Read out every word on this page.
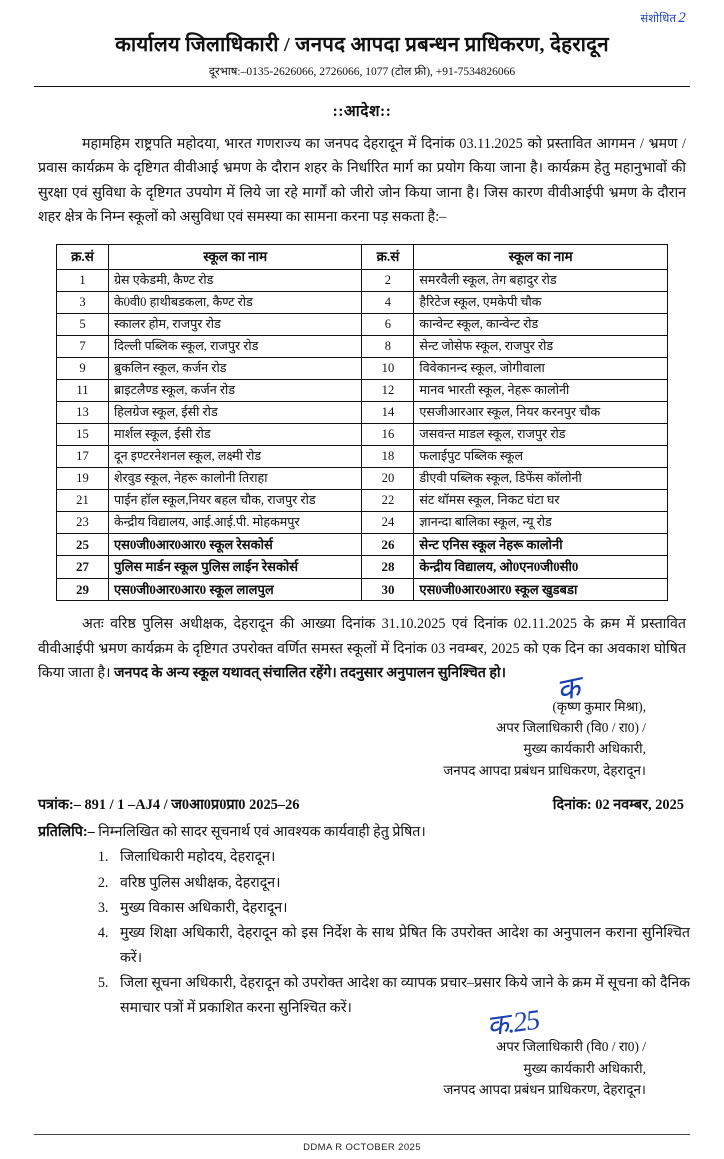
संशोधित 2
कार्यालय जिलाधिकारी / जनपद आपदा प्रबन्धन प्राधिकरण, देहरादून
दूरभाष:–0135-2626066, 2726066, 1077 (टोल फ्री), +91-7534826066
::आदेश::

महामहिम राष्ट्रपति महोदया, भारत गणराज्य का जनपद देहरादून में दिनांक 03.11.2025 को प्रस्तावित आगमन / भ्रमण / प्रवास कार्यक्रम के दृष्टिगत वीवीआई भ्रमण के दौरान शहर के निर्धारित मार्ग का प्रयोग किया जाना है। कार्यक्रम हेतु महानुभावों की सुरक्षा एवं सुविधा के दृष्टिगत उपयोग में लिये जा रहे मार्गों को जीरो जोन किया जाना है। जिस कारण वीवीआईपी भ्रमण के दौरान शहर क्षेत्र के निम्न स्कूलों को असुविधा एवं समस्या का सामना करना पड़ सकता है:–

क्र.सं	स्कूल का नाम	क्र.सं	स्कूल का नाम
1	ग्रेस एकेडमी, कैण्ट रोड	2	समरवैली स्कूल, तेग बहादुर रोड
3	के0वी0 हाथीबडकला, कैण्ट रोड	4	हैरिटेज स्कूल, एमकेपी चौक
5	स्कालर होम, राजपुर रोड	6	कान्वेन्ट स्कूल, कान्वेन्ट रोड
7	दिल्ली पब्लिक स्कूल, राजपुर रोड	8	सेन्ट जोसेफ स्कूल, राजपुर रोड
9	ब्रुकलिन स्कूल, कर्जन रोड	10	विवेकानन्द स्कूल, जोगीवाला
11	ब्राइटलैण्ड स्कूल, कर्जन रोड	12	मानव भारती स्कूल, नेहरू कालोनी
13	हिलग्रेज स्कूल, ईसी रोड	14	एसजीआरआर स्कूल, नियर करनपुर चौक
15	मार्शल स्कूल, ईसी रोड	16	जसवन्त माडल स्कूल, राजपुर रोड
17	दून इण्टरनेशनल स्कूल, लक्ष्मी रोड	18	फलाईपुट पब्लिक स्कूल
19	शेरवुड स्कूल, नेहरू कालोनी तिराहा	20	डीएवी पब्लिक स्कूल, डिफेंस कॉलोनी
21	पाईन हॉल स्कूल,नियर बहल चौक, राजपुर रोड	22	संट थॉमस स्कूल, निकट घंटा घर
23	केन्द्रीय विद्यालय, आई.आई.पी. मोहकमपुर	24	ज्ञानन्दा बालिका स्कूल, न्यू रोड
25	एस0जी0आर0आर0 स्कूल रेसकोर्स	26	सेन्ट एनिस स्कूल नेहरू कालोनी
27	पुलिस मार्डन स्कूल पुलिस लाईन रेसकोर्स	28	केन्द्रीय विद्यालय, ओ0एन0जी0सी0
29	एस0जी0आर0आर0 स्कूल लालपुल	30	एस0जी0आर0आर0 स्कूल खुडबडा

अतः वरिष्ठ पुलिस अधीक्षक, देहरादून की आख्या दिनांक 31.10.2025 एवं दिनांक 02.11.2025 के क्रम में प्रस्तावित वीवीआईपी भ्रमण कार्यक्रम के दृष्टिगत उपरोक्त वर्णित समस्त स्कूलों में दिनांक 03 नवम्बर, 2025 को एक दिन का अवकाश घोषित किया जाता है। जनपद के अन्य स्कूल यथावत् संचालित रहेंगे। तदनुसार अनुपालन सुनिश्चित हो।	क
(कृष्ण कुमार मिश्रा),
अपर जिलाधिकारी (वि0 / रा0) /
मुख्य कार्यकारी अधिकारी,
जनपद आपदा प्रबंधन प्राधिकरण, देहरादून।
पत्रांक:– 891 / 1 –AJ4 / ज0आ0प्र0प्रा0 2025–26	दिनांक: 02 नवम्बर, 2025
प्रतिलिपि:– निम्नलिखित को सादर सूचनार्थ एवं आवश्यक कार्यवाही हेतु प्रेषित।
1. जिलाधिकारी महोदय, देहरादून।
2. वरिष्ठ पुलिस अधीक्षक, देहरादून।
3. मुख्य विकास अधिकारी, देहरादून।
4. मुख्य शिक्षा अधिकारी, देहरादून को इस निर्देश के साथ प्रेषित कि उपरोक्त आदेश का अनुपालन कराना सुनिश्चित करें।
5. जिला सूचना अधिकारी, देहरादून को उपरोक्त आदेश का व्यापक प्रचार–प्रसार किये जाने के क्रम में सूचना को दैनिक समाचार पत्रों में प्रकाशित करना सुनिश्चित करें।	क.25
अपर जिलाधिकारी (वि0 / रा0) /
मुख्य कार्यकारी अधिकारी,
जनपद आपदा प्रबंधन प्राधिकरण, देहरादून।
DDMA R OCTOBER 2025
